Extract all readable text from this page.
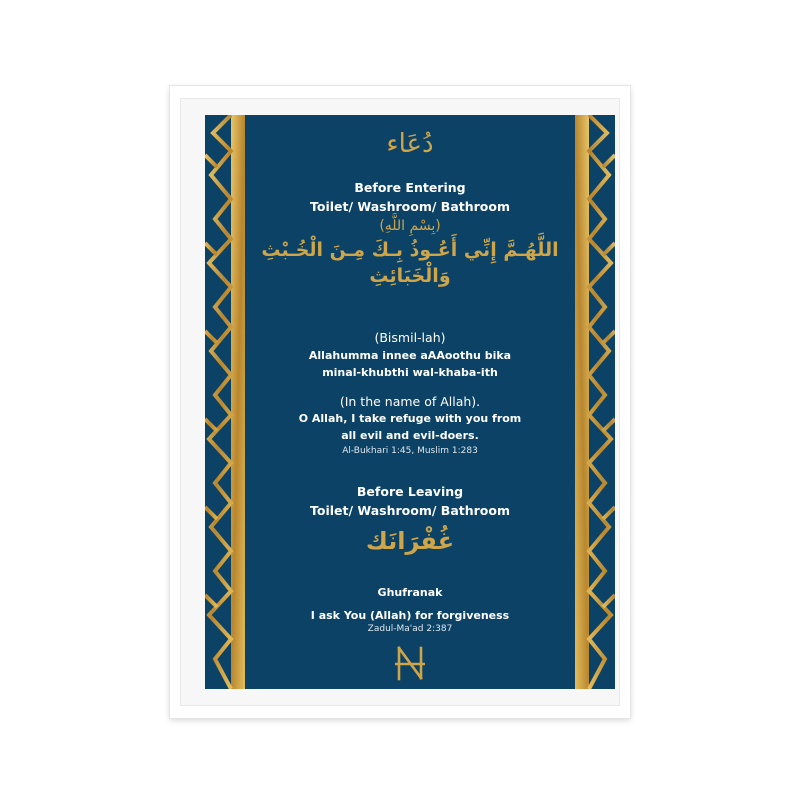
دُعَاء

Before Entering

Toilet/ Washroom/ Bathroom

(بِسْمِ اللَّهِ)

اللَّهُـمَّ إِنِّي أَعُـوذُ بِـكَ مِـنَ الْخُـبْثِ

وَالْخَبَائِثِ

(Bismil-lah)

Allahumma innee aAAoothu bika

minal-khubthi wal-khaba-ith

(In the name of Allah).

O Allah, I take refuge with you from

all evil and evil-doers.

Al-Bukhari 1:45, Muslim 1:283

Before Leaving

Toilet/ Washroom/ Bathroom

غُفْرَانَك

Ghufranak

I ask You (Allah) for forgiveness

Zadul-Ma'ad 2:387
